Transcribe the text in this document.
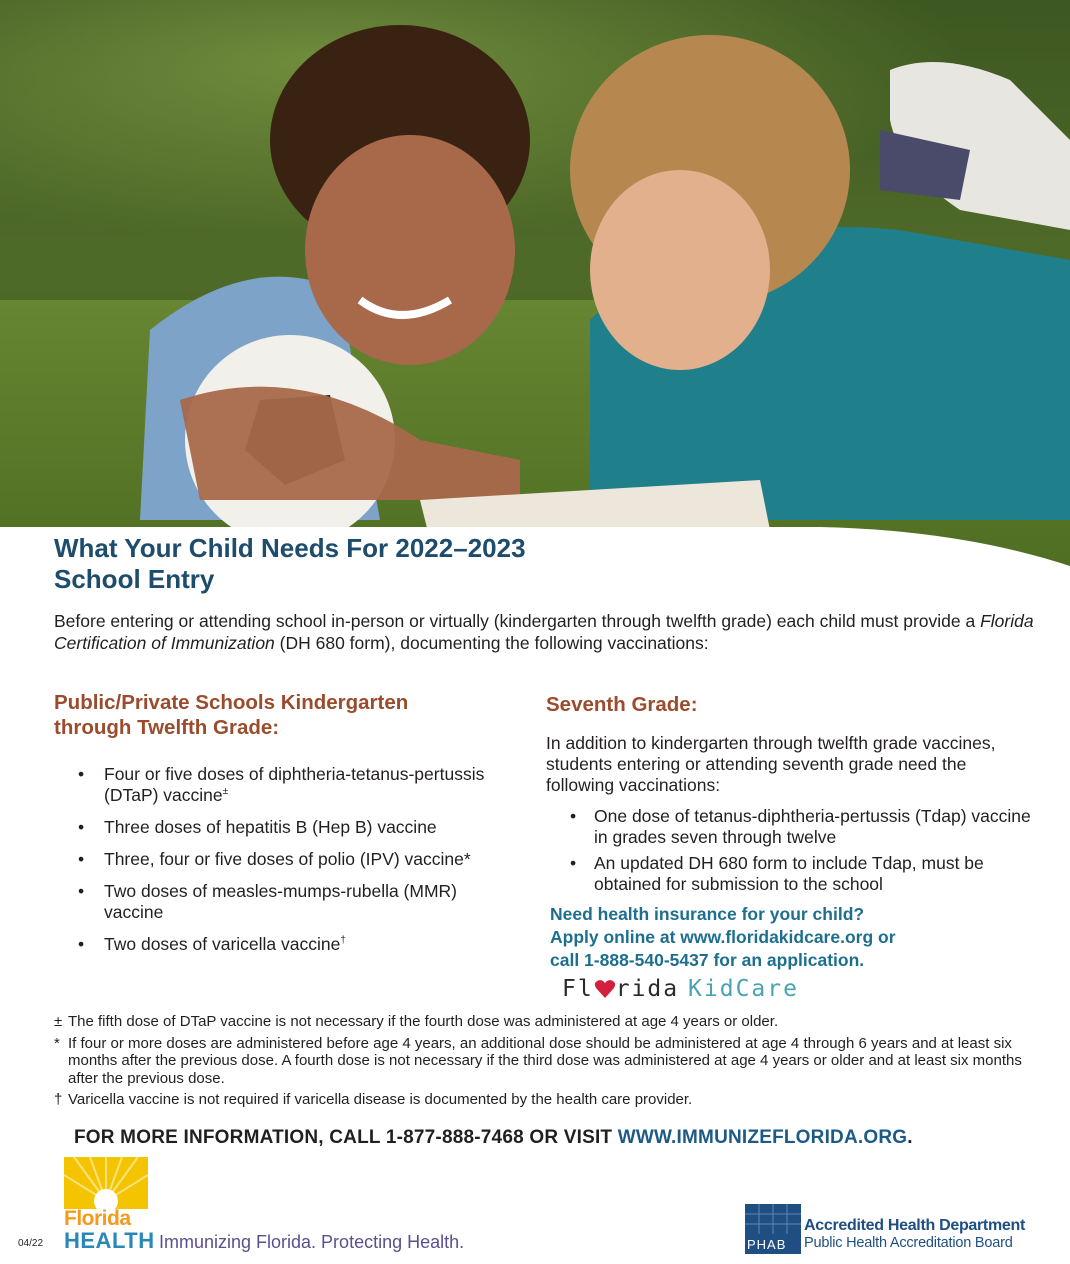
What Your Child Needs For 2022–2023
School Entry

Before entering or attending school in-person or virtually (kindergarten through twelfth grade) each child must provide a Florida Certification of Immunization (DH 680 form), documenting the following vaccinations:

Public/Private Schools Kindergarten
through Twelfth Grade:
• Four or five doses of diphtheria-tetanus-pertussis (DTaP) vaccine±
• Three doses of hepatitis B (Hep B) vaccine
• Three, four or five doses of polio (IPV) vaccine*
• Two doses of measles-mumps-rubella (MMR) vaccine
• Two doses of varicella vaccine†
Seventh Grade:

In addition to kindergarten through twelfth grade vaccines, students entering or attending seventh grade need the following vaccinations:

• One dose of tetanus-diphtheria-pertussis (Tdap) vaccine in grades seven through twelve
• An updated DH 680 form to include Tdap, must be obtained for submission to the school

Need health insurance for your child?
Apply online at www.floridakidcare.org or
call 1-888-540-5437 for an application.

Fl rida KidCare
± The fifth dose of DTaP vaccine is not necessary if the fourth dose was administered at age 4 years or older.
* If four or more doses are administered before age 4 years, an additional dose should be administered at age 4 through 6 years and at least six months after the previous dose. A fourth dose is not necessary if the third dose was administered at age 4 years or older and at least six months after the previous dose.
† Varicella vaccine is not required if varicella disease is documented by the health care provider.
FOR MORE INFORMATION, CALL 1-877-888-7468 OR VISIT WWW.IMMUNIZEFLORIDA.ORG.
04/22
Florida
HEALTH Immunizing Florida. Protecting Health.	PHAB
Accredited Health Department
Public Health Accreditation Board
